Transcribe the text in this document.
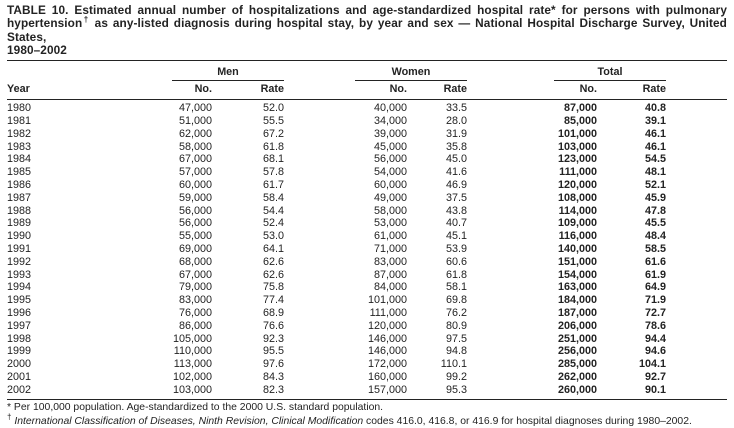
TABLE 10. Estimated annual number of hospitalizations and age-standardized hospital rate* for persons with pulmonary
hypertension† as any-listed diagnosis during hospital stay, by year and sex — National Hospital Discharge Survey, United States,
1980–2002

	Men			Women			Total		

Year	No.	Rate		No.	Rate		No.	Rate	
1980	47,000	52.0		40,000	33.5		87,000	40.8	
1981	51,000	55.5		34,000	28.0		85,000	39.1	
1982	62,000	67.2		39,000	31.9		101,000	46.1	
1983	58,000	61.8		45,000	35.8		103,000	46.1	
1984	67,000	68.1		56,000	45.0		123,000	54.5	
1985	57,000	57.8		54,000	41.6		111,000	48.1	
1986	60,000	61.7		60,000	46.9		120,000	52.1	
1987	59,000	58.4		49,000	37.5		108,000	45.9	
1988	56,000	54.4		58,000	43.8		114,000	47.8	
1989	56,000	52.4		53,000	40.7		109,000	45.5	
1990	55,000	53.0		61,000	45.1		116,000	48.4	
1991	69,000	64.1		71,000	53.9		140,000	58.5	
1992	68,000	62.6		83,000	60.6		151,000	61.6	
1993	67,000	62.6		87,000	61.8		154,000	61.9	
1994	79,000	75.8		84,000	58.1		163,000	64.9	
1995	83,000	77.4		101,000	69.8		184,000	71.9	
1996	76,000	68.9		111,000	76.2		187,000	72.7	
1997	86,000	76.6		120,000	80.9		206,000	78.6	
1998	105,000	92.3		146,000	97.5		251,000	94.4	
1999	110,000	95.5		146,000	94.8		256,000	94.6	
2000	113,000	97.6		172,000	110.1		285,000	104.1	
2001	102,000	84.3		160,000	99.2		262,000	92.7	
2002	103,000	82.3		157,000	95.3		260,000	90.1	

* Per 100,000 population. Age-standardized to the 2000 U.S. standard population.

† International Classification of Diseases, Ninth Revision, Clinical Modification codes 416.0, 416.8, or 416.9 for hospital diagnoses during 1980–2002.
